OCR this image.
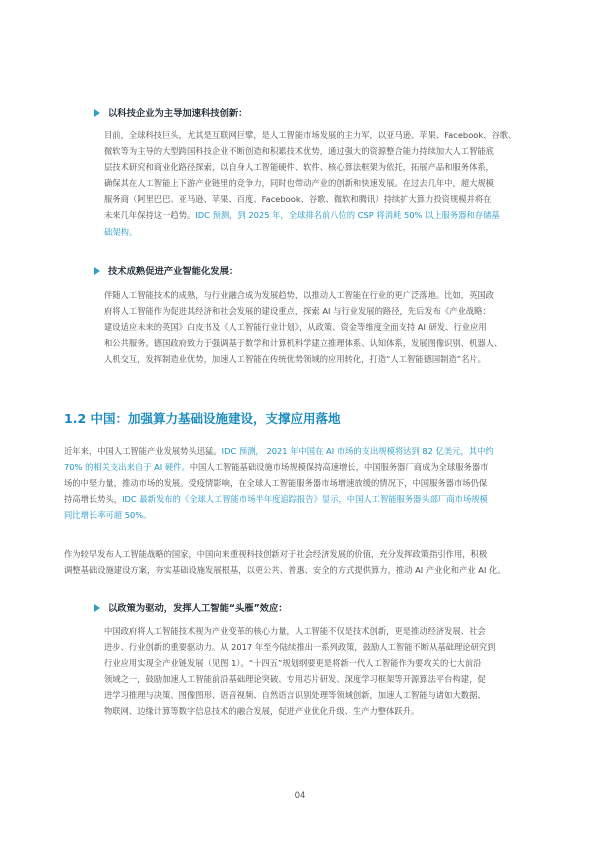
以科技企业为主导加速科技创新：
目前，全球科技巨头，尤其是互联网巨擘，是人工智能市场发展的主力军，以亚马逊、苹果、Facebook、谷歌、
微软等为主导的大型跨国科技企业不断创造和积累技术优势，通过强大的资源整合能力持续加大人工智能底
层技术研究和商业化路径探索，以自身人工智能硬件、软件、核心算法框架为依托，拓展产品和服务体系，
确保其在人工智能上下游产业链里的竞争力，同时也带动产业的创新和快速发展。在过去几年中，超大规模
服务商（阿里巴巴、亚马逊、苹果、百度、Facebook、谷歌、微软和腾讯）持续扩大算力投资规模并将在
未来几年保持这一趋势。IDC 预测，到 2025 年，全球排名前八位的 CSP 将消耗 50% 以上服务器和存储基
础架构。
技术成熟促进产业智能化发展：
伴随人工智能技术的成熟，与行业融合成为发展趋势，以推动人工智能在行业的更广泛落地。比如，英国政
府将人工智能作为促进其经济和社会发展的建设重点，探索 AI 与行业发展的路径，先后发布《产业战略：
建设适应未来的英国》白皮书及《人工智能行业计划》，从政策、资金等维度全面支持 AI 研发、行业应用
和公共服务。德国政府致力于强调基于数学和计算机科学建立推理体系、认知体系，发展图像识别、机器人、
人机交互，发挥制造业优势，加速人工智能在传统优势领域的应用转化，打造“人工智能德国制造”名片。
1.2 中国：加强算力基础设施建设，支撑应用落地
近年来，中国人工智能产业发展势头迅猛。IDC 预测， 2021 年中国在 AI 市场的支出规模将达到 82 亿美元，其中约
70% 的相关支出来自于 AI 硬件。中国人工智能基础设施市场规模保持高速增长，中国服务器厂商成为全球服务器市
场的中坚力量，推动市场的发展。受疫情影响，在全球人工智能服务器市场增速放缓的情况下，中国服务器市场仍保
持高增长势头，IDC 最新发布的《全球人工智能市场半年度追踪报告》显示，中国人工智能服务器头部厂商市场规模
同比增长率可超 50%。
作为较早发布人工智能战略的国家，中国向来重视科技创新对于社会经济发展的价值，充分发挥政策指引作用，积极
调整基础设施建设方案，夯实基础设施发展根基，以更公共、普惠、安全的方式提供算力，推动 AI 产业化和产业 AI 化。
以政策为驱动，发挥人工智能“头雁”效应：
中国政府将人工智能技术视为产业变革的核心力量，人工智能不仅是技术创新，更是推动经济发展、社会
进步、行业创新的重要驱动力。从 2017 年至今陆续推出一系列政策，鼓励人工智能不断从基础理论研究到
行业应用实现全产业链发展（见图 1）。“十四五”规划纲要更是将新一代人工智能作为要攻关的七大前沿
领域之一，鼓励加速人工智能前沿基础理论突破、专用芯片研发、深度学习框架等开源算法平台构建，促
进学习推理与决策、图像图形、语音视频、自然语言识别处理等领域创新，加速人工智能与诸如大数据、
物联网、边缘计算等数字信息技术的融合发展，促进产业优化升级、生产力整体跃升。
04
